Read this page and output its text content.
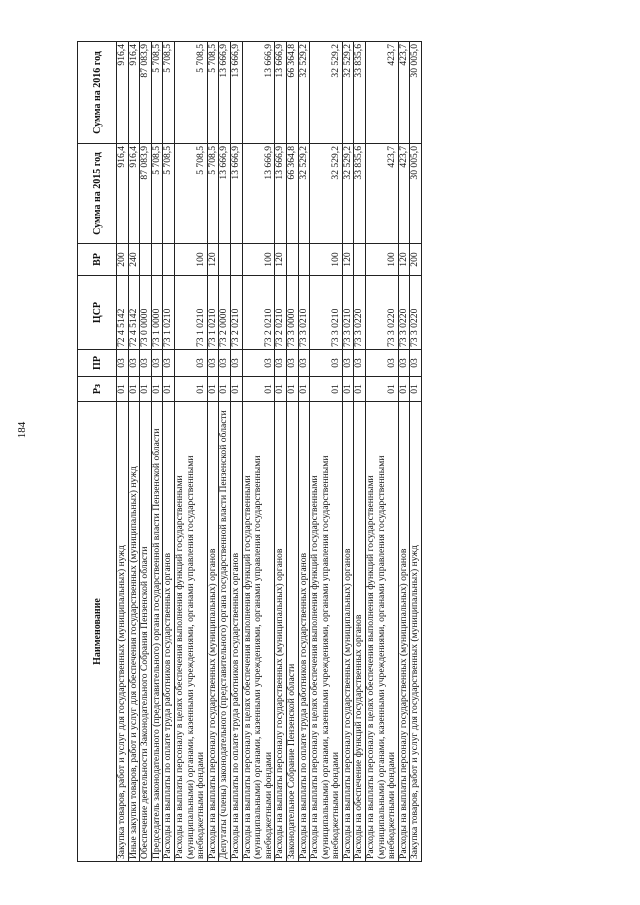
184
Наименование	Рз	ПР	ЦСР	ВР	Сумма на 2015 год	Сумма на 2016 год
Закупка товаров, работ и услуг для государственных (муниципальных) нужд	01	03	72 4 5142	200	916,4	916,4
Иные закупки товаров, работ и услуг для обеспечения государственных (муниципальных) нужд	01	03	72 4 5142	240	916,4	916,4
Обеспечение деятельности Законодательного Собрания Пензенской области	01	03	73 0 0000		87 083,9	87 083,9
Председатель законодательного (представительного) органа государственной власти Пензенской области	01	03	73 1 0000		5 708,5	5 708,5
Расходы на выплаты по оплате труда работников государственных органов	01	03	73 1 0210		5 708,5	5 708,5
Расходы на выплаты персоналу в целях обеспечения выполнения функций государственными (муниципальными) органами, казенными учреждениями, органами управления государственными внебюджетными фондами	01	03	73 1 0210	100	5 708,5	5 708,5
Расходы на выплаты персоналу государственных (муниципальных) органов	01	03	73 1 0210	120	5 708,5	5 708,5
Депутаты (члены) законодательного (представительного) органа государственной власти Пензенской области	01	03	73 2 0000		13 666,9	13 666,9
Расходы на выплаты по оплате труда работников государственных органов	01	03	73 2 0210		13 666,9	13 666,9
Расходы на выплаты персоналу в целях обеспечения выполнения функций государственными (муниципальными) органами, казенными учреждениями, органами управления государственными внебюджетными фондами	01	03	73 2 0210	100	13 666,9	13 666,9
Расходы на выплаты персоналу государственных (муниципальных) органов	01	03	73 2 0210	120	13 666,9	13 666,9
Законодательное Собрание Пензенской области	01	03	73 3 0000		66 364,8	66 364,8
Расходы на выплаты по оплате труда работников государственных органов	01	03	73 3 0210		32 529,2	32 529,2
Расходы на выплаты персоналу в целях обеспечения выполнения функций государственными (муниципальными) органами, казенными учреждениями, органами управления государственными внебюджетными фондами	01	03	73 3 0210	100	32 529,2	32 529,2
Расходы на выплаты персоналу государственных (муниципальных) органов	01	03	73 3 0210	120	32 529,2	32 529,2
Расходы на обеспечение функций государственных органов	01	03	73 3 0220		33 835,6	33 835,6
Расходы на выплаты персоналу в целях обеспечения выполнения функций государственными (муниципальными) органами, казенными учреждениями, органами управления государственными внебюджетными фондами	01	03	73 3 0220	100	423,7	423,7
Расходы на выплаты персоналу государственных (муниципальных) органов	01	03	73 3 0220	120	423,7	423,7
Закупка товаров, работ и услуг для государственных (муниципальных) нужд	01	03	73 3 0220	200	30 005,0	30 005,0
